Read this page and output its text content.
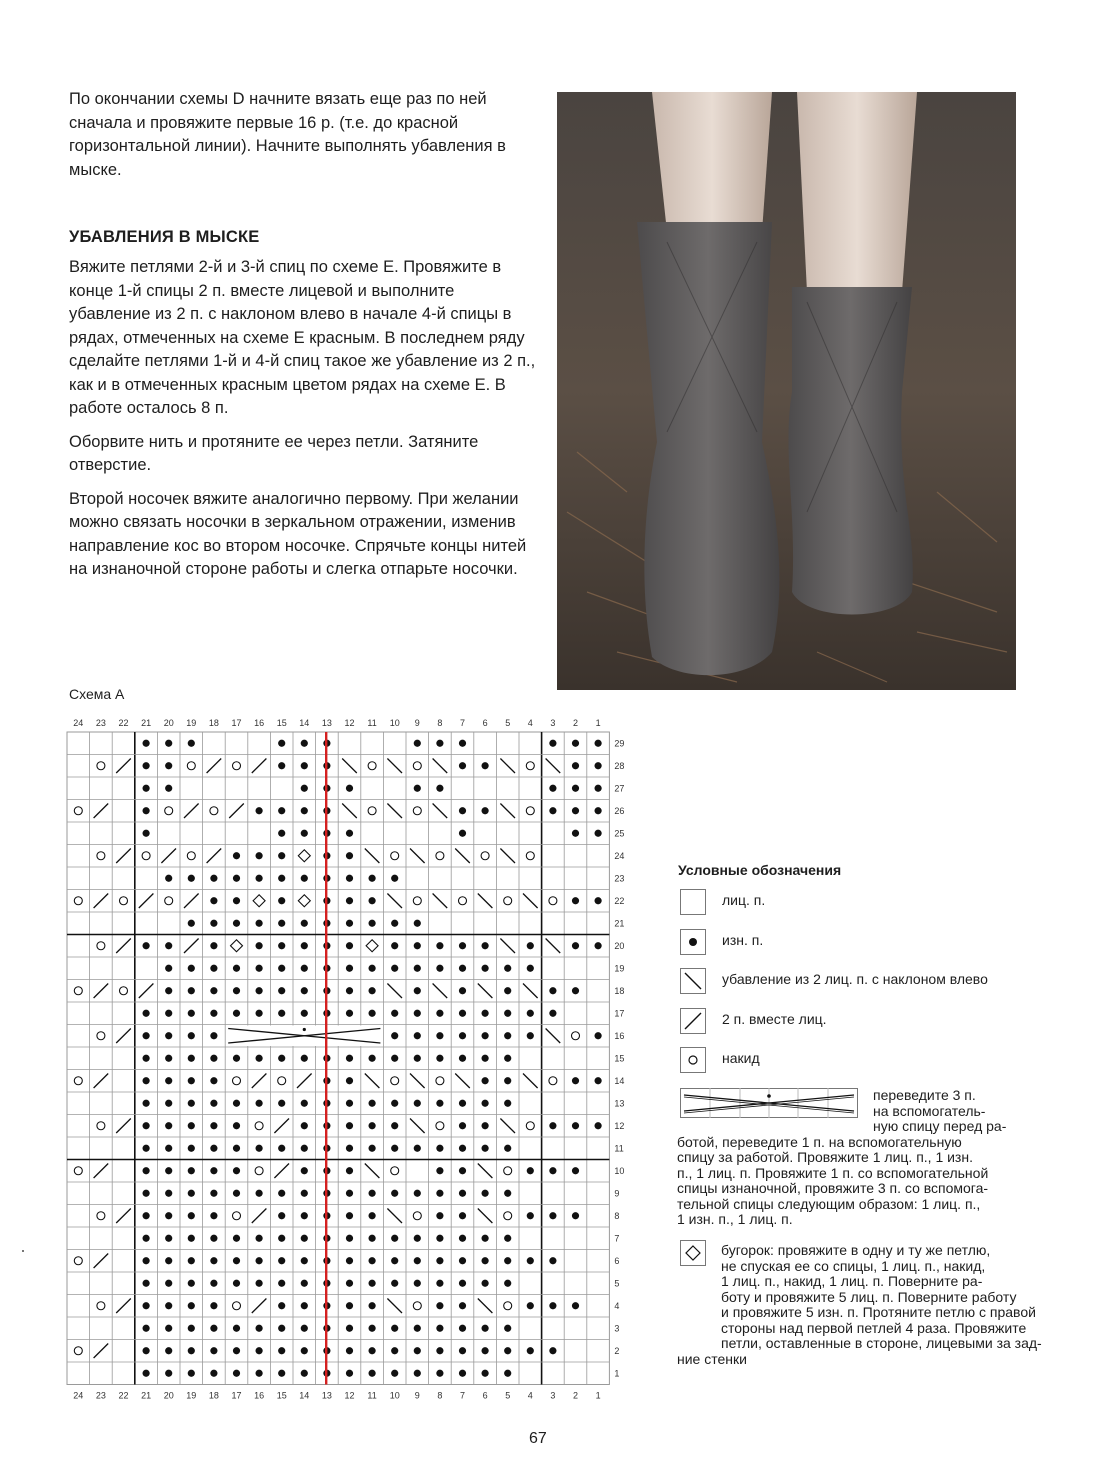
По окончании схемы D начните вязать еще раз по ней сначала и провяжите первые 16 р. (т.е. до красной горизонтальной линии). Начните выполнять убавления в мыске.

УБАВЛЕНИЯ В МЫСКЕ

Вяжите петлями 2-й и 3-й спиц по схеме Е. Провяжите в конце 1-й спицы 2 п. вместе лицевой и выполните убавление из 2 п. с наклоном влево в начале 4-й спицы в рядах, отмеченных на схеме Е красным. В последнем ряду сделайте петлями 1-й и 4-й спиц такое же убавление из 2 п., как и в отмеченных красным цветом рядах на схеме Е. В работе осталось 8 п.

Оборвите нить и протяните ее через петли. Затяните отверстие.

Второй носочек вяжите аналогично первому. При желании можно связать носочки в зеркальном отражении, изменив направление кос во втором носочке. Спрячьте концы нитей на изнаночной стороне работы и слегка отпарьте носочки.

Схема А
24
24
23
23
22
22
21
21
20
20
19
19
18
18
17
17
16
16
15
15
14
14
13
13
12
12
11
11
10
10
9
9
8
8
7
7
6
6
5
5
4
4
3
3
2
2
1
1
29
28
27
26
25
24
23
22
21
20
19
18
17
16
15
14
13
12
11
10
9
8
7
6
5
4
3
2
1
Условные обозначения
лиц. п.
изн. п.
убавление из 2 лиц. п. с наклоном влево
2 п. вместе лиц.
накид
переведите 3 п.
на вспомогатель-
ную спицу перед ра-
ботой, переведите 1 п. на вспомогательную
спицу за работой. Провяжите 1 лиц. п., 1 изн.
п., 1 лиц. п. Провяжите 1 п. со вспомогательной
спицы изнаночной, провяжите 3 п. со вспомога-
тельной спицы следующим образом: 1 лиц. п.,
1 изн. п., 1 лиц. п.
бугорок: провяжите в одну и ту же петлю,
не спуская ее со спицы, 1 лиц. п., накид,
1 лиц. п., накид, 1 лиц. п. Поверните ра-
боту и провяжите 5 лиц. п. Поверните работу
и провяжите 5 изн. п. Протяните петлю с правой
стороны над первой петлей 4 раза. Провяжите
петли, оставленные в стороне, лицевыми за зад-
ние стенки
67
